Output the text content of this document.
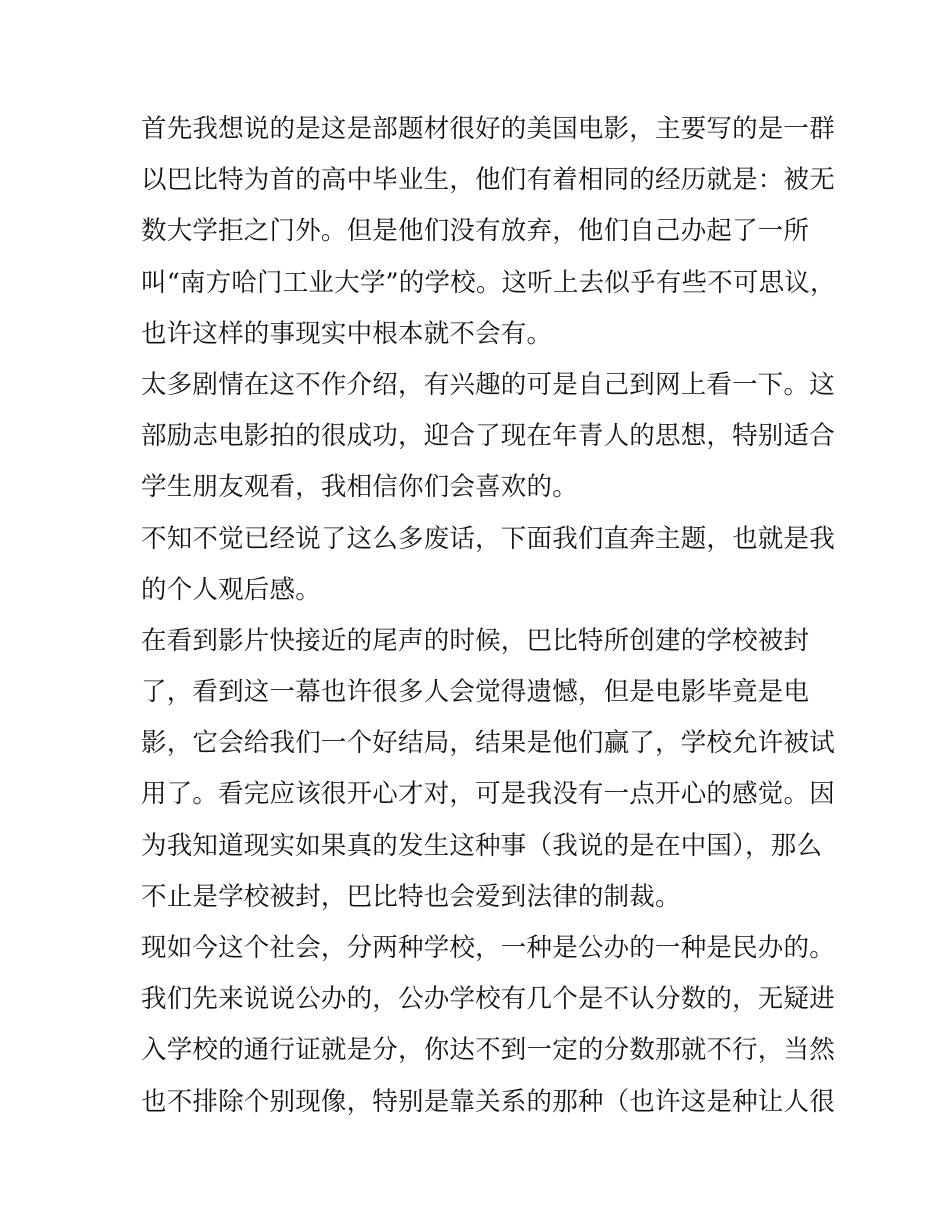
首先我想说的是这是部题材很好的美国电影，主要写的是一群
以巴比特为首的高中毕业生，他们有着相同的经历就是：被无
数大学拒之门外。但是他们没有放弃，他们自己办起了一所
叫“南方哈门工业大学”的学校。这听上去似乎有些不可思议，
也许这样的事现实中根本就不会有。
太多剧情在这不作介绍，有兴趣的可是自己到网上看一下。这
部励志电影拍的很成功，迎合了现在年青人的思想，特别适合
学生朋友观看，我相信你们会喜欢的。
不知不觉已经说了这么多废话，下面我们直奔主题，也就是我
的个人观后感。
在看到影片快接近的尾声的时候，巴比特所创建的学校被封
了，看到这一幕也许很多人会觉得遗憾，但是电影毕竟是电
影，它会给我们一个好结局，结果是他们赢了，学校允许被试
用了。看完应该很开心才对，可是我没有一点开心的感觉。因
为我知道现实如果真的发生这种事（我说的是在中国），那么
不止是学校被封，巴比特也会爱到法律的制裁。
现如今这个社会，分两种学校，一种是公办的一种是民办的。
我们先来说说公办的，公办学校有几个是不认分数的，无疑进
入学校的通行证就是分，你达不到一定的分数那就不行，当然
也不排除个别现像，特别是靠关系的那种（也许这是种让人很
